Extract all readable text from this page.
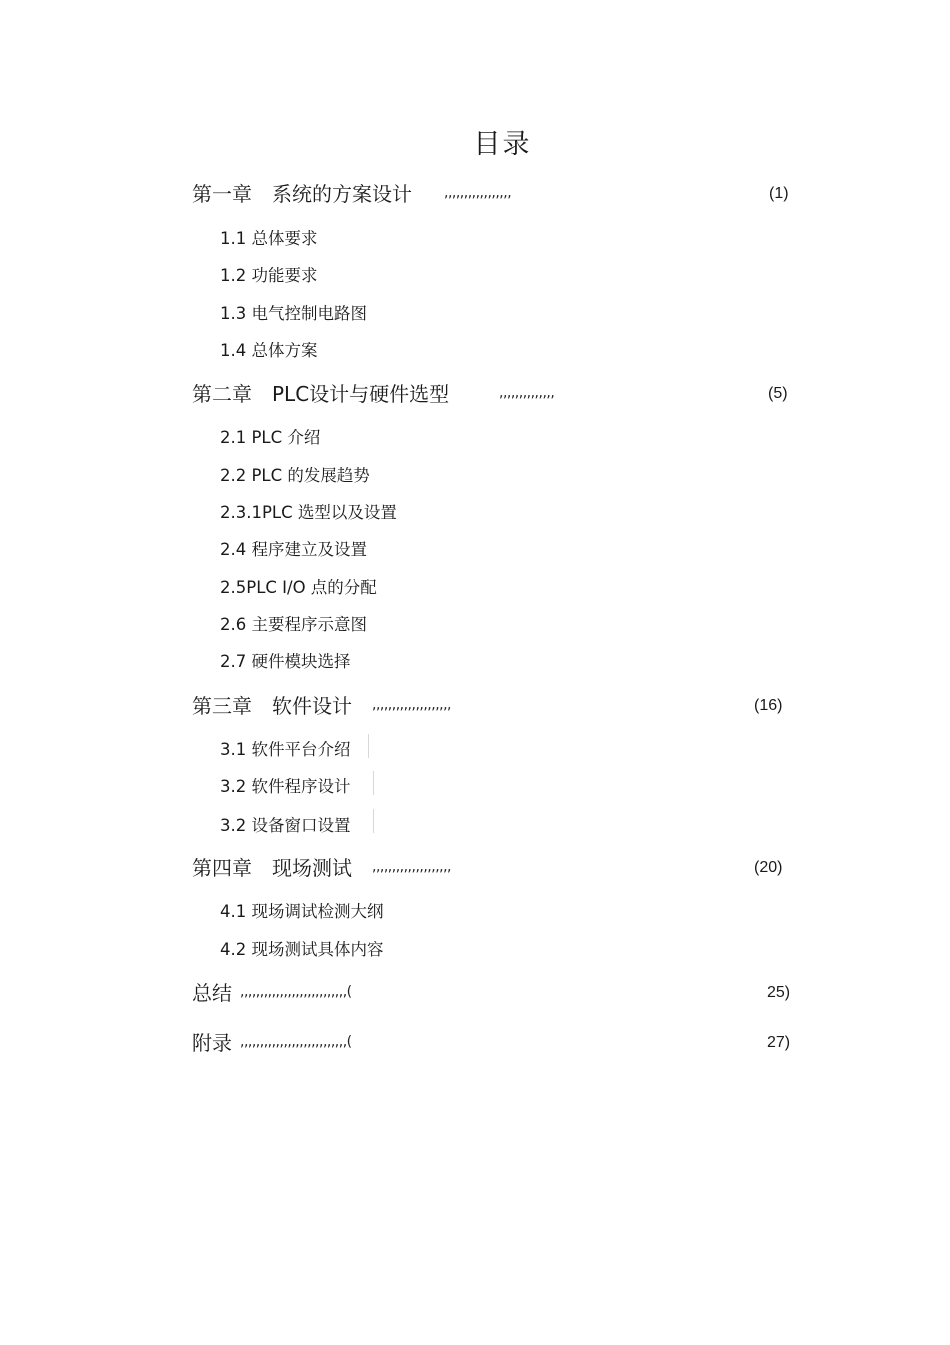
目录
第一章　系统的方案设计 ,,,,,,,,,,,,,,,,,	(1)
1.1 总体要求
1.2 功能要求
1.3 电气控制电路图
1.4 总体方案
第二章　PLC设计与硬件选型	,,,,,,,,,,,,,,	(5)
2.1 PLC 介绍
2.2 PLC 的发展趋势
2.3.1PLC 选型以及设置
2.4 程序建立及设置
2.5PLC I/O 点的分配
2.6 主要程序示意图
2.7 硬件模块选择
第三章　软件设计 ,,,,,,,,,,,,,,,,,,,,	(16)
3.1 软件平台介绍
3.2 软件程序设计
3.2 设备窗口设置
第四章　现场测试 ,,,,,,,,,,,,,,,,,,,,	(20)
4.1 现场调试检测大纲
4.2 现场测试具体内容
总结 ,,,,,,,,,,,,,,,,,,,,,,,,,,,(	25)
附录 ,,,,,,,,,,,,,,,,,,,,,,,,,,,(	27)
